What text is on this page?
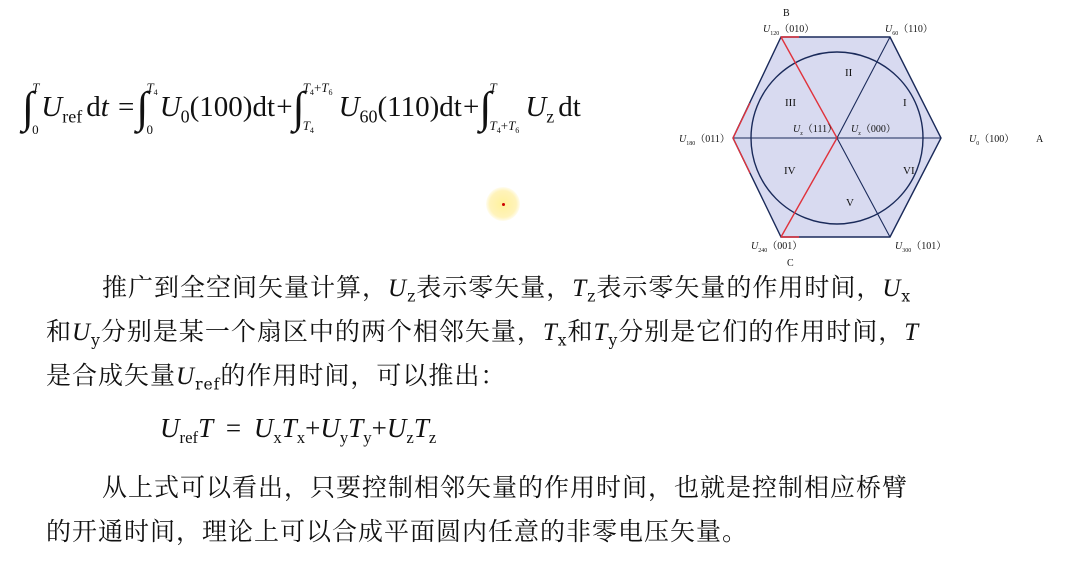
∫
T
0
$U_{ref}$ dt =∫
$T_4$
0
$U_0(100)dt$ +∫
$T_4+T_6$
$T_4$
$U_{60}(110)dt$ +∫
T
$T_4+T_6$
$U_z$ dt
B
A
C
$U_{120}(010)$	$U_{60}(110)$
$U_{180}(011)$	$U_0(100)$
$U_{240}(001)$	$U_{300}(101)$
$U_z(111)$ $U_z(000)$
I
II
III
IV
V
VI
推广到全空间矢量计算，$U_z$表示零矢量，$T_z$表示零矢量的作用时间，$U_x$
和$U_y$分别是某一个扇区中的两个相邻矢量，$T_x$和$T_y$分别是它们的作用时间，T
是合成矢量$U_{ref}$的作用时间，可以推出：
$U_{ref}T = U_xT_x+U_yT_y+U_zT_z$
从上式可以看出，只要控制相邻矢量的作用时间，也就是控制相应桥臂
的开通时间，理论上可以合成平面圆内任意的非零电压矢量。
